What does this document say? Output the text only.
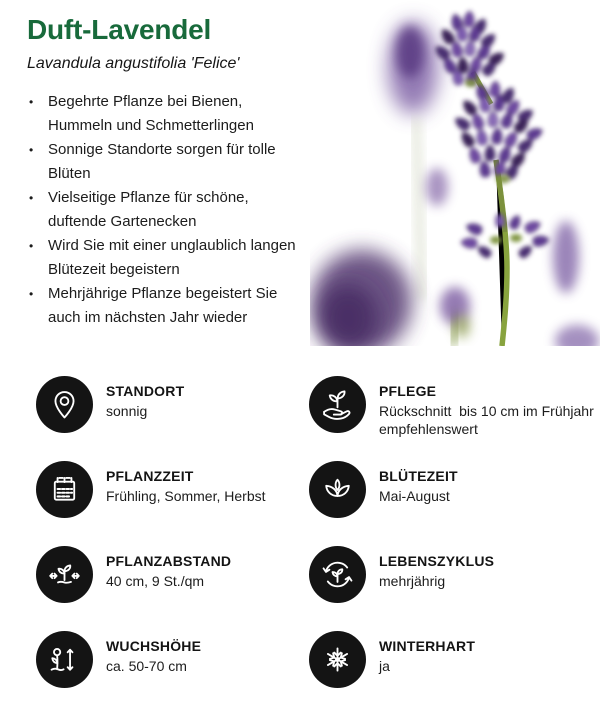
Duft-Lavendel
Lavandula angustifolia 'Felice'
• Begehrte Pflanze bei Bienen, Hummeln und Schmetterlingen
• Sonnige Standorte sorgen für tolle Blüten
• Vielseitige Pflanze für schöne, duftende Gartenecken
• Wird Sie mit einer unglaublich langen Blütezeit begeistern
• Mehrjährige Pflanze begeistert Sie auch im nächsten Jahr wieder
STANDORT
sonnig
PFLEGE
Rückschnitt  bis 10 cm im Frühjahr empfehlenswert
PFLANZZEIT
Frühling, Sommer, Herbst
BLÜTEZEIT
Mai-August
PFLANZABSTAND
40 cm, 9 St./qm
LEBENSZYKLUS
mehrjährig
WUCHSHÖHE
ca. 50-70 cm
WINTERHART
ja
